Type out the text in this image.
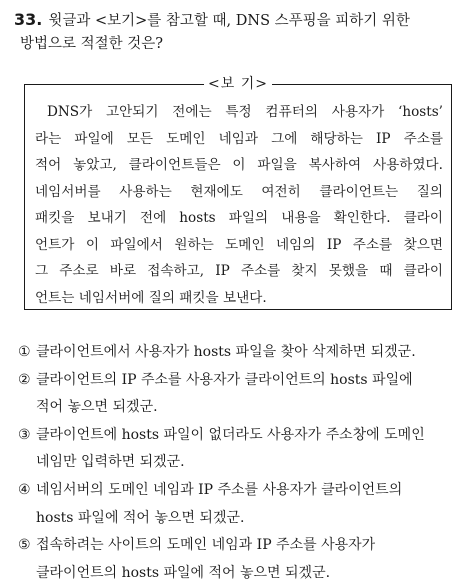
33. 윗글과 <보기>를 참고할 때, DNS 스푸핑을 피하기 위한
방법으로 적절한 것은?
<보 기>
DNS가 고안되기 전에는 특정 컴퓨터의 사용자가 ‘hosts’
라는 파일에 모든 도메인 네임과 그에 해당하는 IP 주소를
적어 놓았고, 클라이언트들은 이 파일을 복사하여 사용하였다.
네임서버를 사용하는 현재에도 여전히 클라이언트는 질의
패킷을 보내기 전에 hosts 파일의 내용을 확인한다. 클라이
언트가 이 파일에서 원하는 도메인 네임의 IP 주소를 찾으면
그 주소로 바로 접속하고, IP 주소를 찾지 못했을 때 클라이
언트는 네임서버에 질의 패킷을 보낸다.
① 클라이언트에서 사용자가 hosts 파일을 찾아 삭제하면 되겠군.
② 클라이언트의 IP 주소를 사용자가 클라이언트의 hosts 파일에
적어 놓으면 되겠군.
③ 클라이언트에 hosts 파일이 없더라도 사용자가 주소창에 도메인
네임만 입력하면 되겠군.
④ 네임서버의 도메인 네임과 IP 주소를 사용자가 클라이언트의
hosts 파일에 적어 놓으면 되겠군.
⑤ 접속하려는 사이트의 도메인 네임과 IP 주소를 사용자가
클라이언트의 hosts 파일에 적어 놓으면 되겠군.
